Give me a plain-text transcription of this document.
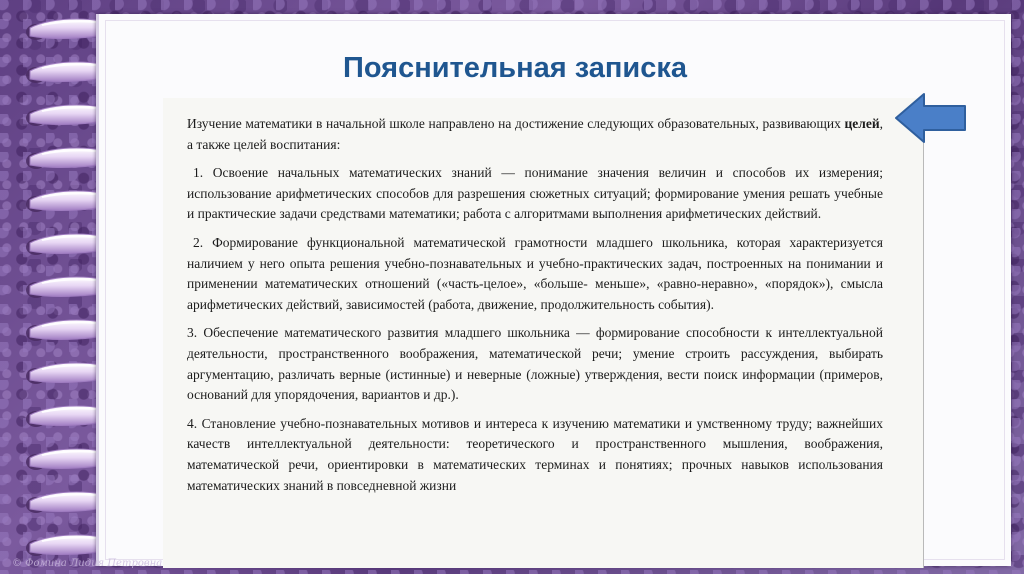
Пояснительная записка

Изучение математики в начальной школе направлено на достижение следующих образовательных, развивающих целей, а также целей воспитания:

1. Освоение начальных математических знаний — понимание значения величин и способов их измерения; использование арифметических способов для разрешения сюжетных ситуаций; формирование умения решать учебные и практические задачи средствами математики; работа с алгоритмами выполнения арифметических действий.

2. Формирование функциональной математической грамотности младшего школьника, которая характеризуется наличием у него опыта решения учебно-познавательных и учебно-практических задач, построенных на понимании и применении математических отношений («часть-целое», «больше- меньше», «равно-неравно», «порядок»), смысла арифметических действий, зависимостей (работа, движение, продолжительность события).

3. Обеспечение математического развития младшего школьника — формирование способности к интеллектуальной деятельности, пространственного воображения, математической речи; умение строить рассуждения, выбирать аргументацию, различать верные (истинные) и неверные (ложные) утверждения, вести поиск информации (примеров, оснований для упорядочения, вариантов и др.).

4. Становление учебно-познавательных мотивов и интереса к изучению математики и умственному труду; важнейших качеств интеллектуальной деятельности: теоретического и пространственного мышления, воображения, математической речи, ориентировки в математических терминах и понятиях; прочных навыков использования математических знаний в повседневной жизни

© Фомина Лидия Петровна
